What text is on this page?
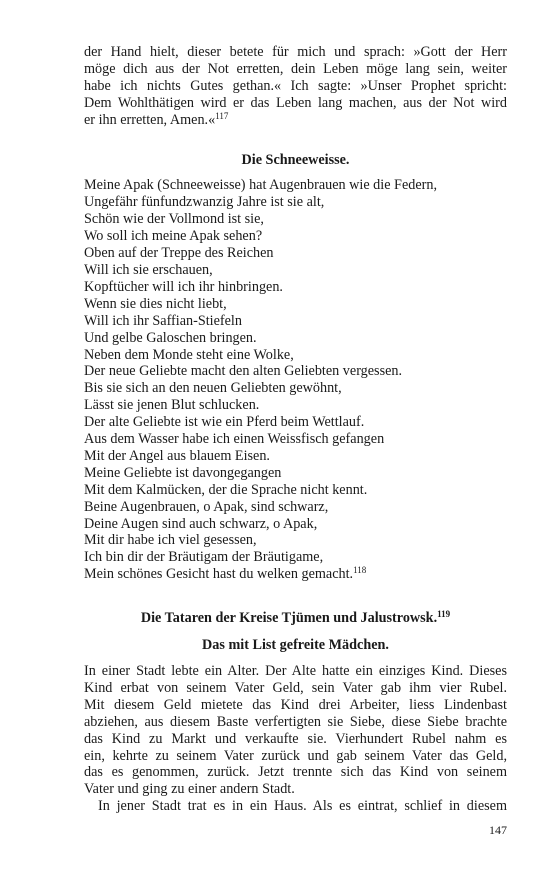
der Hand hielt, dieser betete für mich und sprach: »Gott der Herr
möge dich aus der Not erretten, dein Leben möge lang sein, weiter
habe ich nichts Gutes gethan.« Ich sagte: »Unser Prophet spricht:
Dem Wohlthätigen wird er das Leben lang machen, aus der Not wird
er ihn erretten, Amen.«$^{117}$
Die Schneeweisse.
Meine Apak (Schneeweisse) hat Augenbrauen wie die Federn,
Ungefähr fünfundzwanzig Jahre ist sie alt,
Schön wie der Vollmond ist sie,
Wo soll ich meine Apak sehen?
Oben auf der Treppe des Reichen
Will ich sie erschauen,
Kopftücher will ich ihr hinbringen.
Wenn sie dies nicht liebt,
Will ich ihr Saffian-Stiefeln
Und gelbe Galoschen bringen.
Neben dem Monde steht eine Wolke,
Der neue Geliebte macht den alten Geliebten vergessen.
Bis sie sich an den neuen Geliebten gewöhnt,
Lässt sie jenen Blut schlucken.
Der alte Geliebte ist wie ein Pferd beim Wettlauf.
Aus dem Wasser habe ich einen Weissfisch gefangen
Mit der Angel aus blauem Eisen.
Meine Geliebte ist davongegangen
Mit dem Kalmücken, der die Sprache nicht kennt.
Beine Augenbrauen, o Apak, sind schwarz,
Deine Augen sind auch schwarz, o Apak,
Mit dir habe ich viel gesessen,
Ich bin dir der Bräutigam der Bräutigame,
Mein schönes Gesicht hast du welken gemacht.$^{118}$
Die Tataren der Kreise Tjümen und Jalustrowsk.$^{119}$
Das mit List gefreite Mädchen.
In einer Stadt lebte ein Alter. Der Alte hatte ein einziges Kind. Dieses
Kind erbat von seinem Vater Geld, sein Vater gab ihm vier Rubel.
Mit diesem Geld mietete das Kind drei Arbeiter, liess Lindenbast
abziehen, aus diesem Baste verfertigten sie Siebe, diese Siebe brachte
das Kind zu Markt und verkaufte sie. Vierhundert Rubel nahm es
ein, kehrte zu seinem Vater zurück und gab seinem Vater das Geld,
das es genommen, zurück. Jetzt trennte sich das Kind von seinem
Vater und ging zu einer andern Stadt.
In jener Stadt trat es in ein Haus. Als es eintrat, schlief in diesem
147
